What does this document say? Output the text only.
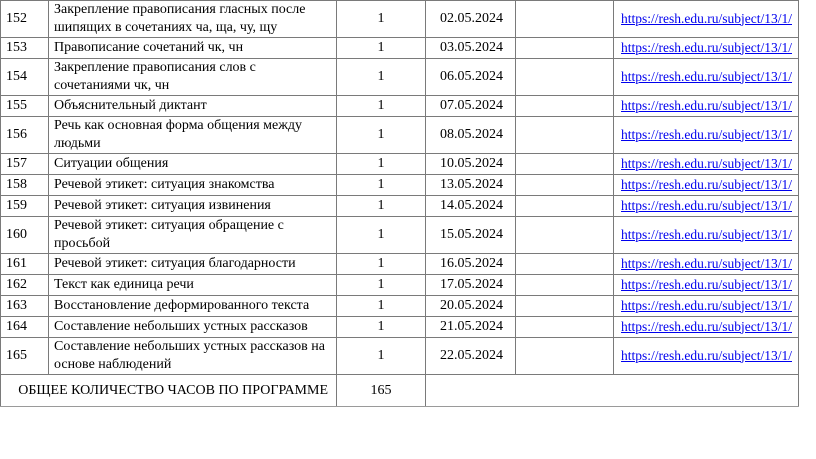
152	Закрепление правописания гласных после
шипящих в сочетаниях ча, ща, чу, щу	1	02.05.2024		https://resh.edu.ru/subject/13/1/
153	Правописание сочетаний чк, чн	1	03.05.2024		https://resh.edu.ru/subject/13/1/
154	Закрепление правописания слов с
сочетаниями чк, чн	1	06.05.2024		https://resh.edu.ru/subject/13/1/
155	Объяснительный диктант	1	07.05.2024		https://resh.edu.ru/subject/13/1/
156	Речь как основная форма общения между
людьми	1	08.05.2024		https://resh.edu.ru/subject/13/1/
157	Ситуации общения	1	10.05.2024		https://resh.edu.ru/subject/13/1/
158	Речевой этикет: ситуация знакомства	1	13.05.2024		https://resh.edu.ru/subject/13/1/
159	Речевой этикет: ситуация извинения	1	14.05.2024		https://resh.edu.ru/subject/13/1/
160	Речевой этикет: ситуация обращение с
просьбой	1	15.05.2024		https://resh.edu.ru/subject/13/1/
161	Речевой этикет: ситуация благодарности	1	16.05.2024		https://resh.edu.ru/subject/13/1/
162	Текст как единица речи	1	17.05.2024		https://resh.edu.ru/subject/13/1/
163	Восстановление деформированного текста	1	20.05.2024		https://resh.edu.ru/subject/13/1/
164	Составление небольших устных рассказов	1	21.05.2024		https://resh.edu.ru/subject/13/1/
165	Составление небольших устных рассказов на
основе наблюдений	1	22.05.2024		https://resh.edu.ru/subject/13/1/
ОБЩЕЕ КОЛИЧЕСТВО ЧАСОВ ПО ПРОГРАММЕ		165			
